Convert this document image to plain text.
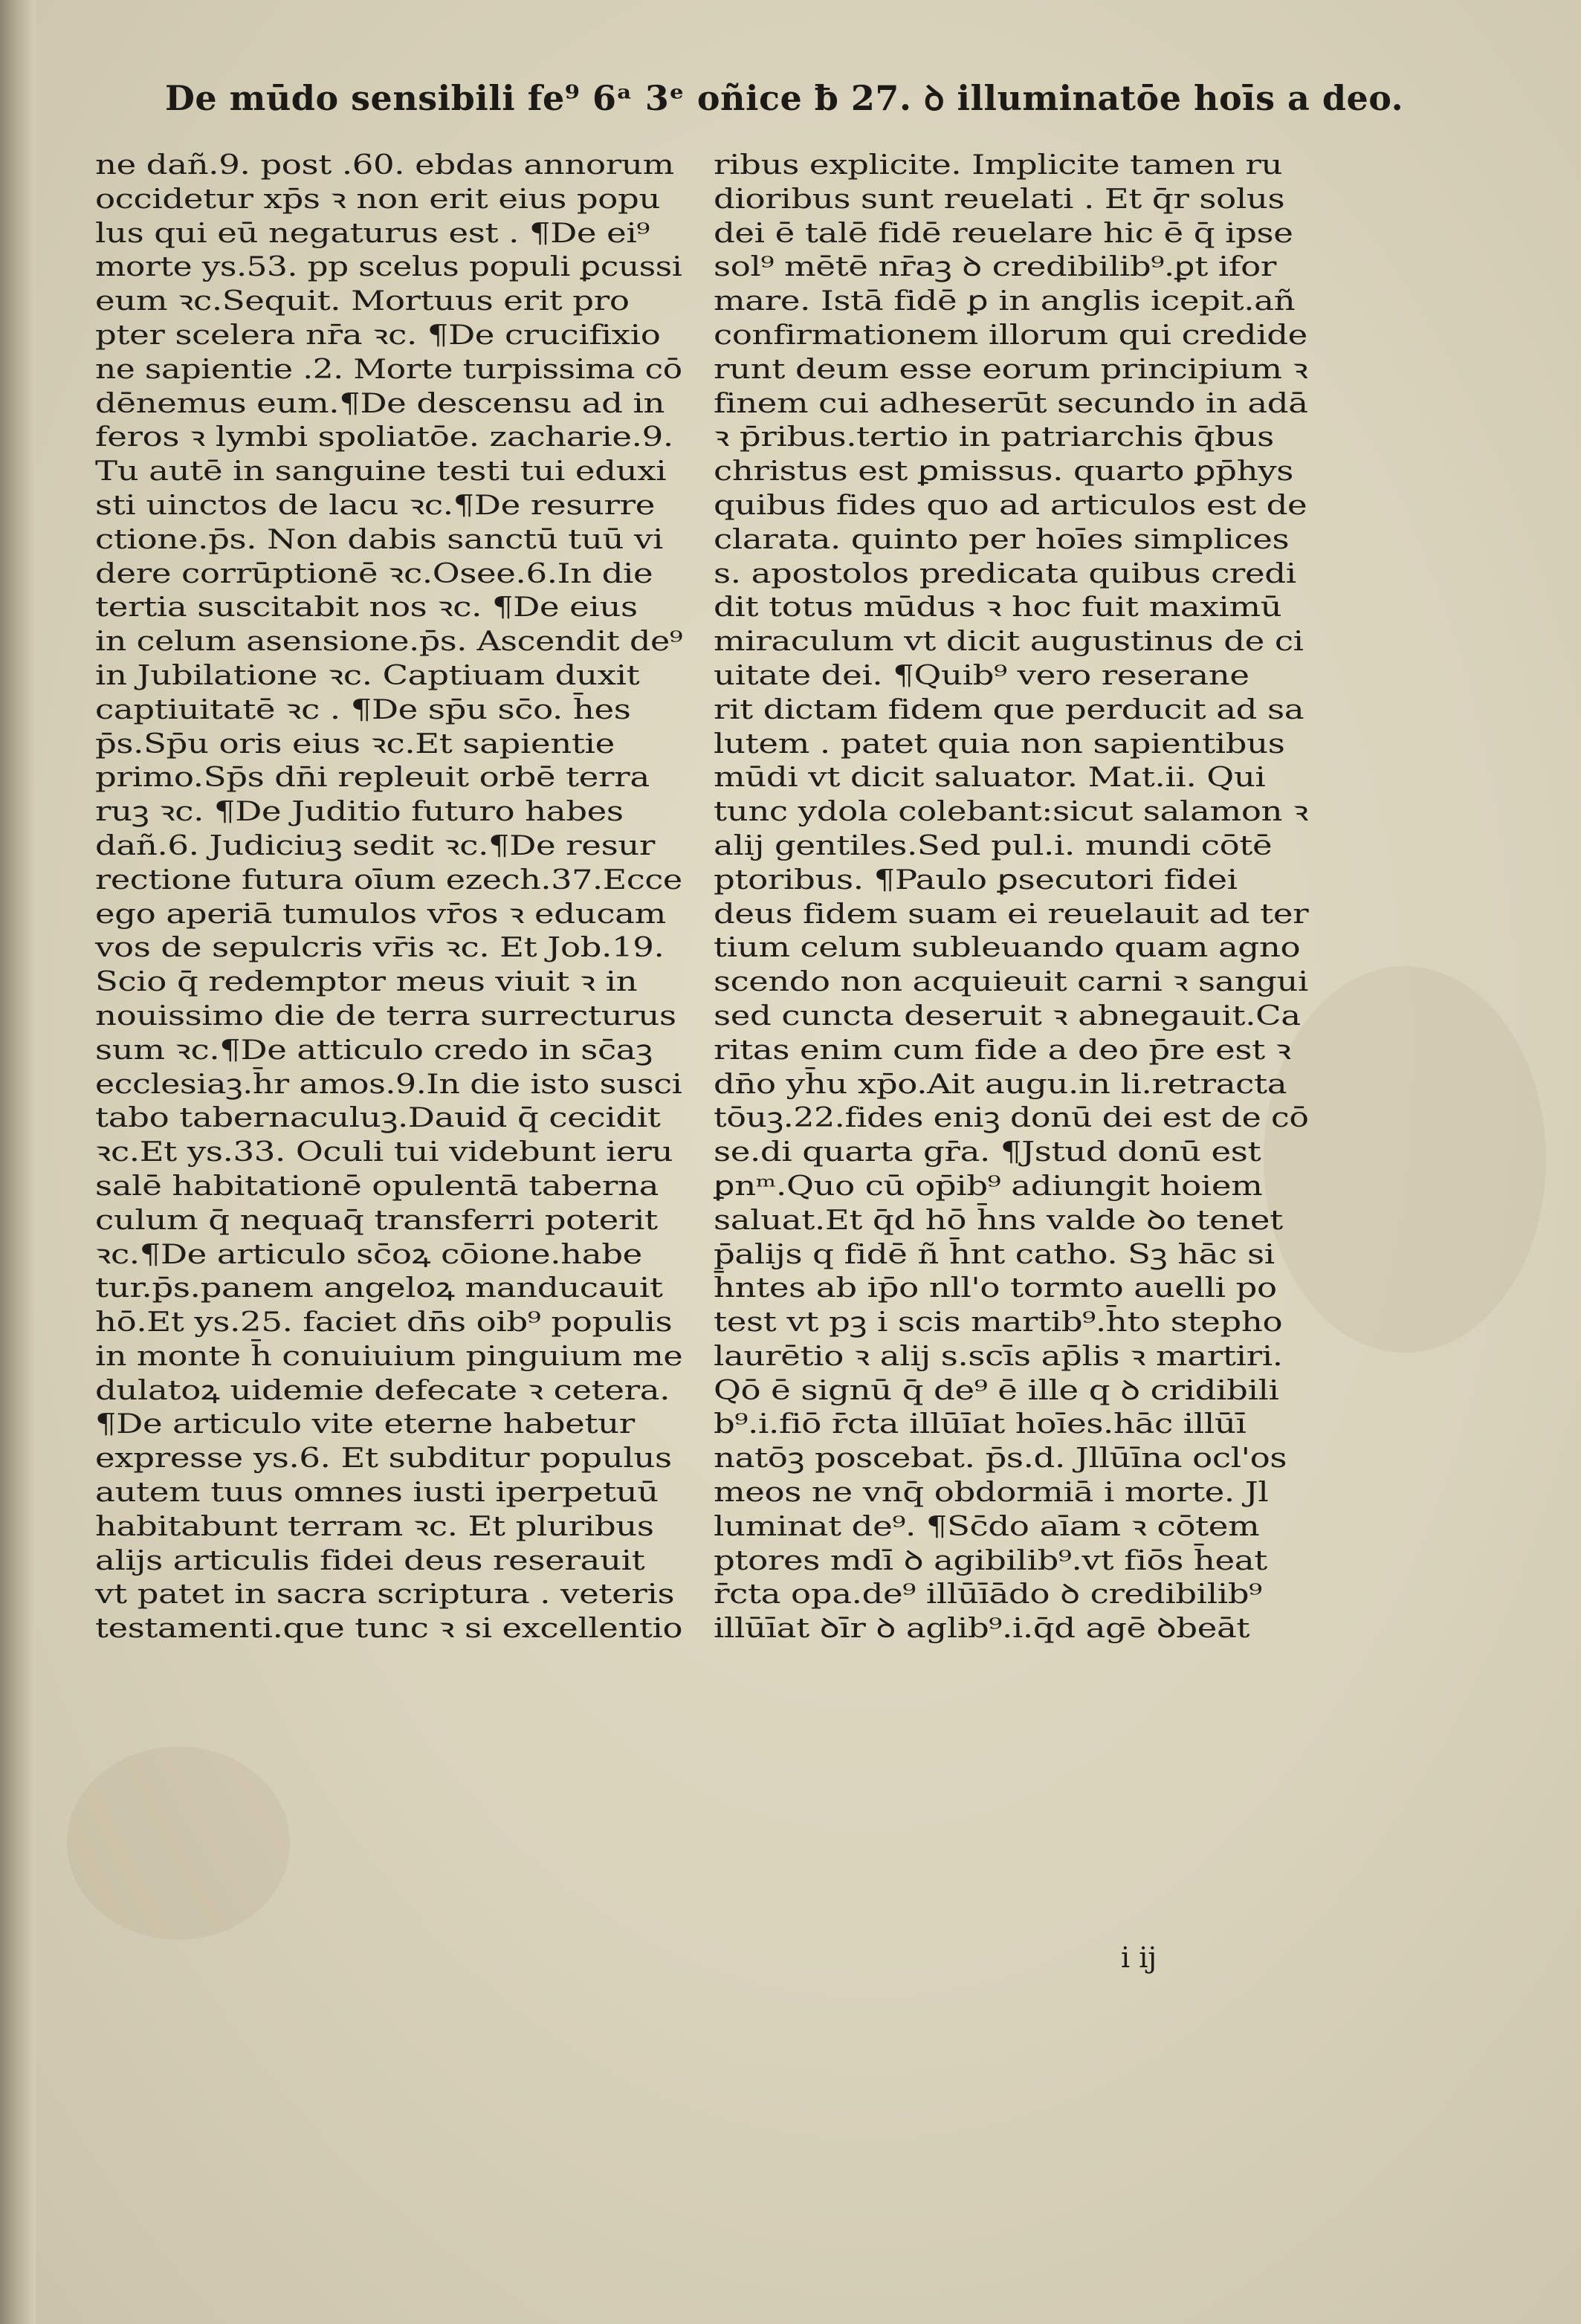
De mūdo sensibili fe⁹ 6ᵃ 3ᵉ oñice ƀ 27. ꝺ illuminatōe hoīs a deo.
ne dañ.9. post .60. ebdas annorum
occidetur xp̄s ꝛ non erit eius popu
lus qui eū negaturus est . ¶De ei⁹
morte ys.53. pp scelus populi ꝑcussi
eum ꝛc.Sequit. Mortuus erit pro
pter scelera nr̄a ꝛc. ¶De crucifixio
ne sapientie .2. Morte turpissima cō
dēnemus eum.¶De descensu ad in
feros ꝛ lymbi spoliatōe. zacharie.9.
Tu autē in sanguine testi tui eduxi
sti uinctos de lacu ꝛc.¶De resurre
ctione.p̄s. Non dabis sanctū tuū vi
dere corrūptionē ꝛc.Osee.6.In die
tertia suscitabit nos ꝛc. ¶De eius
in celum asensione.p̄s. Ascendit de⁹
in Jubilatione ꝛc. Captiuam duxit
captiuitatē ꝛc . ¶De sp̄u sc̄o. h̄es
p̄s.Sp̄u oris eius ꝛc.Et sapientie
primo.Sp̄s dn̄i repleuit orbē terra
ruꝫ ꝛc. ¶De Juditio futuro habes
dañ.6. Judiciuꝫ sedit ꝛc.¶De resur
rectione futura oīum ezech.37.Ecce
ego aperiā tumulos vr̄os ꝛ educam
vos de sepulcris vr̄is ꝛc. Et Job.19.
Scio q̄ redemptor meus viuit ꝛ in
nouissimo die de terra surrecturus
sum ꝛc.¶De atticulo credo in sc̄aꝫ
ecclesiaꝫ.h̄r amos.9.In die isto susci
tabo tabernaculuꝫ.Dauid q̄ cecidit
ꝛc.Et ys.33. Oculi tui videbunt ieru
salē habitationē opulentā taberna
culum q̄ nequaq̄ transferri poterit
ꝛc.¶De articulo sc̄oꝝ cōione.habe
tur.p̄s.panem angeloꝝ manducauit
hō.Et ys.25. faciet dn̄s oib⁹ populis
in monte h̄ conuiuium pinguium me
dulatoꝝ uidemie defecate ꝛ cetera.
¶De articulo vite eterne habetur
expresse ys.6. Et subditur populus
autem tuus omnes iusti iperpetuū
habitabunt terram ꝛc. Et pluribus
alijs articulis fidei deus reserauit
vt patet in sacra scriptura . veteris
testamenti.que tunc ꝛ si excellentio
ribus explicite. Implicite tamen ru
dioribus sunt reuelati . Et q̄r solus
dei ē talē fidē reuelare hic ē q̄ ipse
sol⁹ mētē nr̄aꝫ ꝺ credibilib⁹.ꝑt ifor
mare. Istā fidē ꝑ in anglis icepit.añ
confirmationem illorum qui credide
runt deum esse eorum principium ꝛ
finem cui adheserūt secundo in adā
ꝛ p̄ribus.tertio in patriarchis q̄bus
christus est ꝑmissus. quarto ꝑp̄hys
quibus fides quo ad articulos est de
clarata. quinto per hoīes simplices
s. apostolos predicata quibus credi
dit totus mūdus ꝛ hoc fuit maximū
miraculum vt dicit augustinus de ci
uitate dei. ¶Quib⁹ vero reserane
rit dictam fidem que perducit ad sa
lutem . patet quia non sapientibus
mūdi vt dicit saluator. Mat.ii. Qui
tunc ydola colebant:sicut salamon ꝛ
alij gentiles.Sed pul.i. mundi cōtē
ptoribus. ¶Paulo ꝑsecutori fidei
deus fidem suam ei reuelauit ad ter
tium celum subleuando quam agno
scendo non acquieuit carni ꝛ sangui
sed cuncta deseruit ꝛ abnegauit.Ca
ritas enim cum fide a deo p̄re est ꝛ
dn̄o yh̄u xp̄o.Ait augu.in li.retracta
tōuꝫ.22.fides eniꝫ donū dei est de cō
se.di quarta gr̄a. ¶Jstud donū est
ꝑnᵐ.Quo cū op̄ib⁹ adiungit hoiem
saluat.Et q̄d hō h̄ns valde ꝺo tenet
p̄alijs q fidē ñ h̄nt catho. Sꝫ hāc si
h̄ntes ab ip̄o nll'o tormto auelli po
test vt pꝫ i scis martib⁹.h̄to stepho
laurētio ꝛ alij s.scīs ap̄lis ꝛ martiri.
Qō ē signū q̄ de⁹ ē ille q ꝺ cridibili
b⁹.i.fiō r̄cta illūīat hoīes.hāc illūī
natōꝫ poscebat. p̄s.d. Jllūīna ocl'os
meos ne vnq̄ obdormiā i morte. Jl
luminat de⁹. ¶Sc̄do aīam ꝛ cōtem
ptores mdī ꝺ agibilib⁹.vt fiōs h̄eat
r̄cta opa.de⁹ illūīādo ꝺ credibilib⁹
illūīat ꝺīr ꝺ aglib⁹.i.q̄d agē ꝺbeāt
i ij
